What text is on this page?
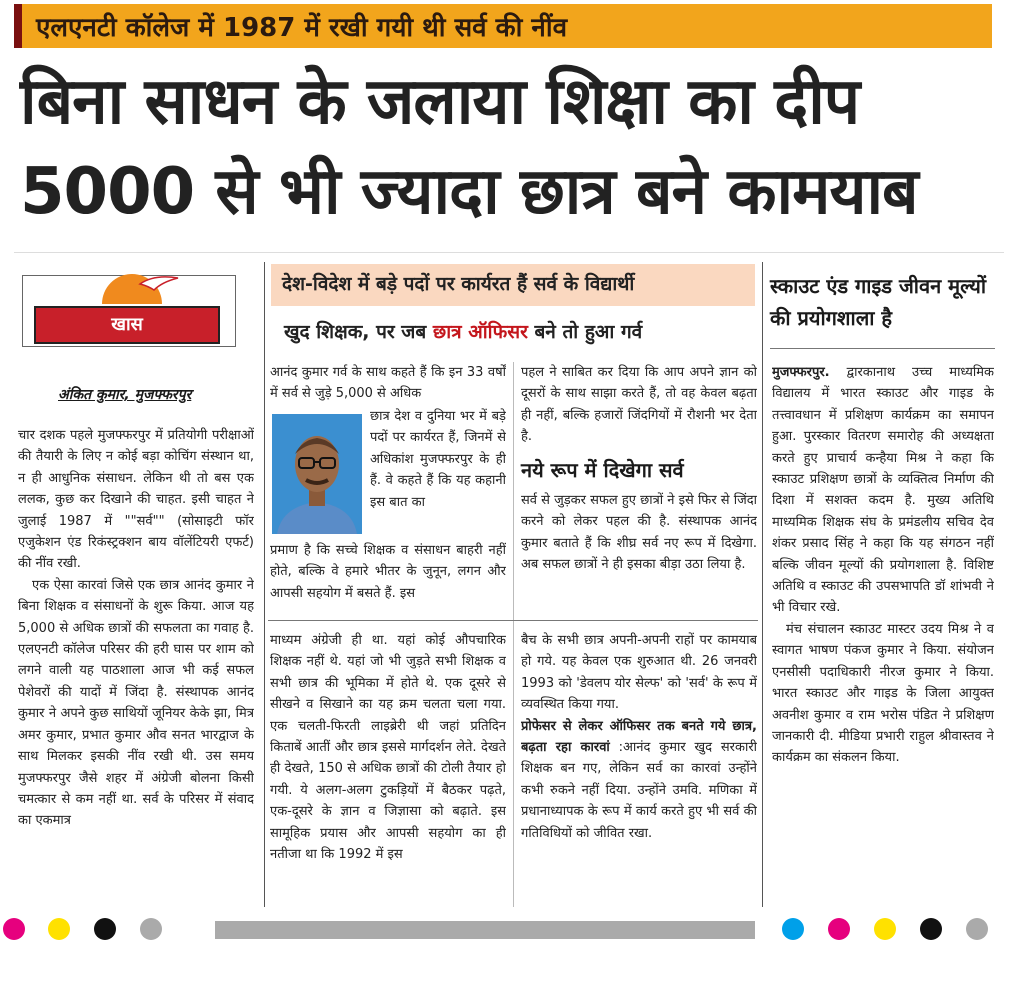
एलएनटी कॉलेज में 1987 में रखी गयी थी सर्व की नींव
बिना साधन के जलाया शिक्षा का दीप
5000 से भी ज्यादा छात्र बने कामयाब
खास
अंकित कुमार, मुजफ्फरपुर
देश-विदेश में बड़े पदों पर कार्यरत हैं सर्व के विद्यार्थी
खुद शिक्षक, पर जब छात्र ऑफिसर बने तो हुआ गर्व

चार दशक पहले मुजफ्फरपुर में प्रतियोगी परीक्षाओं की तैयारी के लिए न कोई बड़ा कोचिंग संस्थान था, न ही आधुनिक संसाधन. लेकिन थी तो बस एक ललक, कुछ कर दिखाने की चाहत. इसी चाहत ने जुलाई 1987 में ""सर्व"" (सोसाइटी फॉर एजुकेशन एंड रिकंस्ट्रक्शन बाय वॉलेंटियरी एफर्ट) की नींव रखी.

एक ऐसा कारवां जिसे एक छात्र आनंद कुमार ने बिना शिक्षक व संसाधनों के शुरू किया. आज यह 5,000 से अधिक छात्रों की सफलता का गवाह है. एलएनटी कॉलेज परिसर की हरी घास पर शाम को लगने वाली यह पाठशाला आज भी कई सफल पेशेवरों की यादों में जिंदा है. संस्थापक आनंद कुमार ने अपने कुछ साथियों जूनियर केके झा, मित्र अमर कुमार, प्रभात कुमार औव सनत भारद्वाज के साथ मिलकर इसकी नींव रखी थी. उस समय मुजफ्फरपुर जैसे शहर में अंग्रेजी बोलना किसी चमत्कार से कम नहीं था. सर्व के परिसर में संवाद का एकमात्र

आनंद कुमार गर्व के साथ कहते हैं कि इन 33 वर्षों में सर्व से जुड़े 5,000 से अधिक

छात्र देश व दुनिया भर में बड़े पदों पर कार्यरत हैं, जिनमें से अधिकांश मुजफ्फरपुर के ही हैं. वे कहते हैं कि यह कहानी इस बात का

प्रमाण है कि सच्चे शिक्षक व संसाधन बाहरी नहीं होते, बल्कि वे हमारे भीतर के जुनून, लगन और आपसी सहयोग में बसते हैं. इस

माध्यम अंग्रेजी ही था. यहां कोई औपचारिक शिक्षक नहीं थे. यहां जो भी जुड़ते सभी शिक्षक व सभी छात्र की भूमिका में होते थे. एक दूसरे से सीखने व सिखाने का यह क्रम चलता चला गया. एक चलती-फिरती लाइब्रेरी थी जहां प्रतिदिन किताबें आतीं और छात्र इससे मार्गदर्शन लेते. देखते ही देखते, 150 से अधिक छात्रों की टोली तैयार हो गयी. ये अलग-अलग टुकड़ियों में बैठकर पढ़ते, एक-दूसरे के ज्ञान व जिज्ञासा को बढ़ाते. इस सामूहिक प्रयास और आपसी सहयोग का ही नतीजा था कि 1992 में इस

पहल ने साबित कर दिया कि आप अपने ज्ञान को दूसरों के साथ साझा करते हैं, तो वह केवल बढ़ता ही नहीं, बल्कि हजारों जिंदगियों में रौशनी भर देता है.

नये रूप में दिखेगा सर्व

सर्व से जुड़कर सफल हुए छात्रों ने इसे फिर से जिंदा करने को लेकर पहल की है. संस्थापक आनंद कुमार बताते हैं कि शीघ्र सर्व नए रूप में दिखेगा. अब सफल छात्रों ने ही इसका बीड़ा उठा लिया है.

बैच के सभी छात्र अपनी-अपनी राहों पर कामयाब हो गये. यह केवल एक शुरुआत थी. 26 जनवरी 1993 को 'डेवलप योर सेल्फ' को 'सर्व' के रूप में व्यवस्थित किया गया.

प्रोफेसर से लेकर ऑफिसर तक बनते गये छात्र, बढ़ता रहा कारवां :आनंद कुमार खुद सरकारी शिक्षक बन गए, लेकिन सर्व का कारवां उन्होंने कभी रुकने नहीं दिया. उन्होंने उमवि. मणिका में प्रधानाध्यापक के रूप में कार्य करते हुए भी सर्व की गतिविधियों को जीवित रखा.

स्काउट एंड गाइड जीवन मूल्यों की प्रयोगशाला है

मुजफ्फरपुर. द्वारकानाथ उच्च माध्यमिक विद्यालय में भारत स्काउट और गाइड के तत्त्वावधान में प्रशिक्षण कार्यक्रम का समापन हुआ. पुरस्कार वितरण समारोह की अध्यक्षता करते हुए प्राचार्य कन्हैया मिश्र ने कहा कि स्काउट प्रशिक्षण छात्रों के व्यक्तित्व निर्माण की दिशा में सशक्त कदम है. मुख्य अतिथि माध्यमिक शिक्षक संघ के प्रमंडलीय सचिव देव शंकर प्रसाद सिंह ने कहा कि यह संगठन नहीं बल्कि जीवन मूल्यों की प्रयोगशाला है. विशिष्ट अतिथि व स्काउट की उपसभापति डॉ शांभवी ने भी विचार रखे.

मंच संचालन स्काउट मास्टर उदय मिश्र ने व स्वागत भाषण पंकज कुमार ने किया. संयोजन एनसीसी पदाधिकारी नीरज कुमार ने किया. भारत स्काउट और गाइड के जिला आयुक्त अवनीश कुमार व राम भरोस पंडित ने प्रशिक्षण जानकारी दी. मीडिया प्रभारी राहुल श्रीवास्तव ने कार्यक्रम का संकलन किया.
